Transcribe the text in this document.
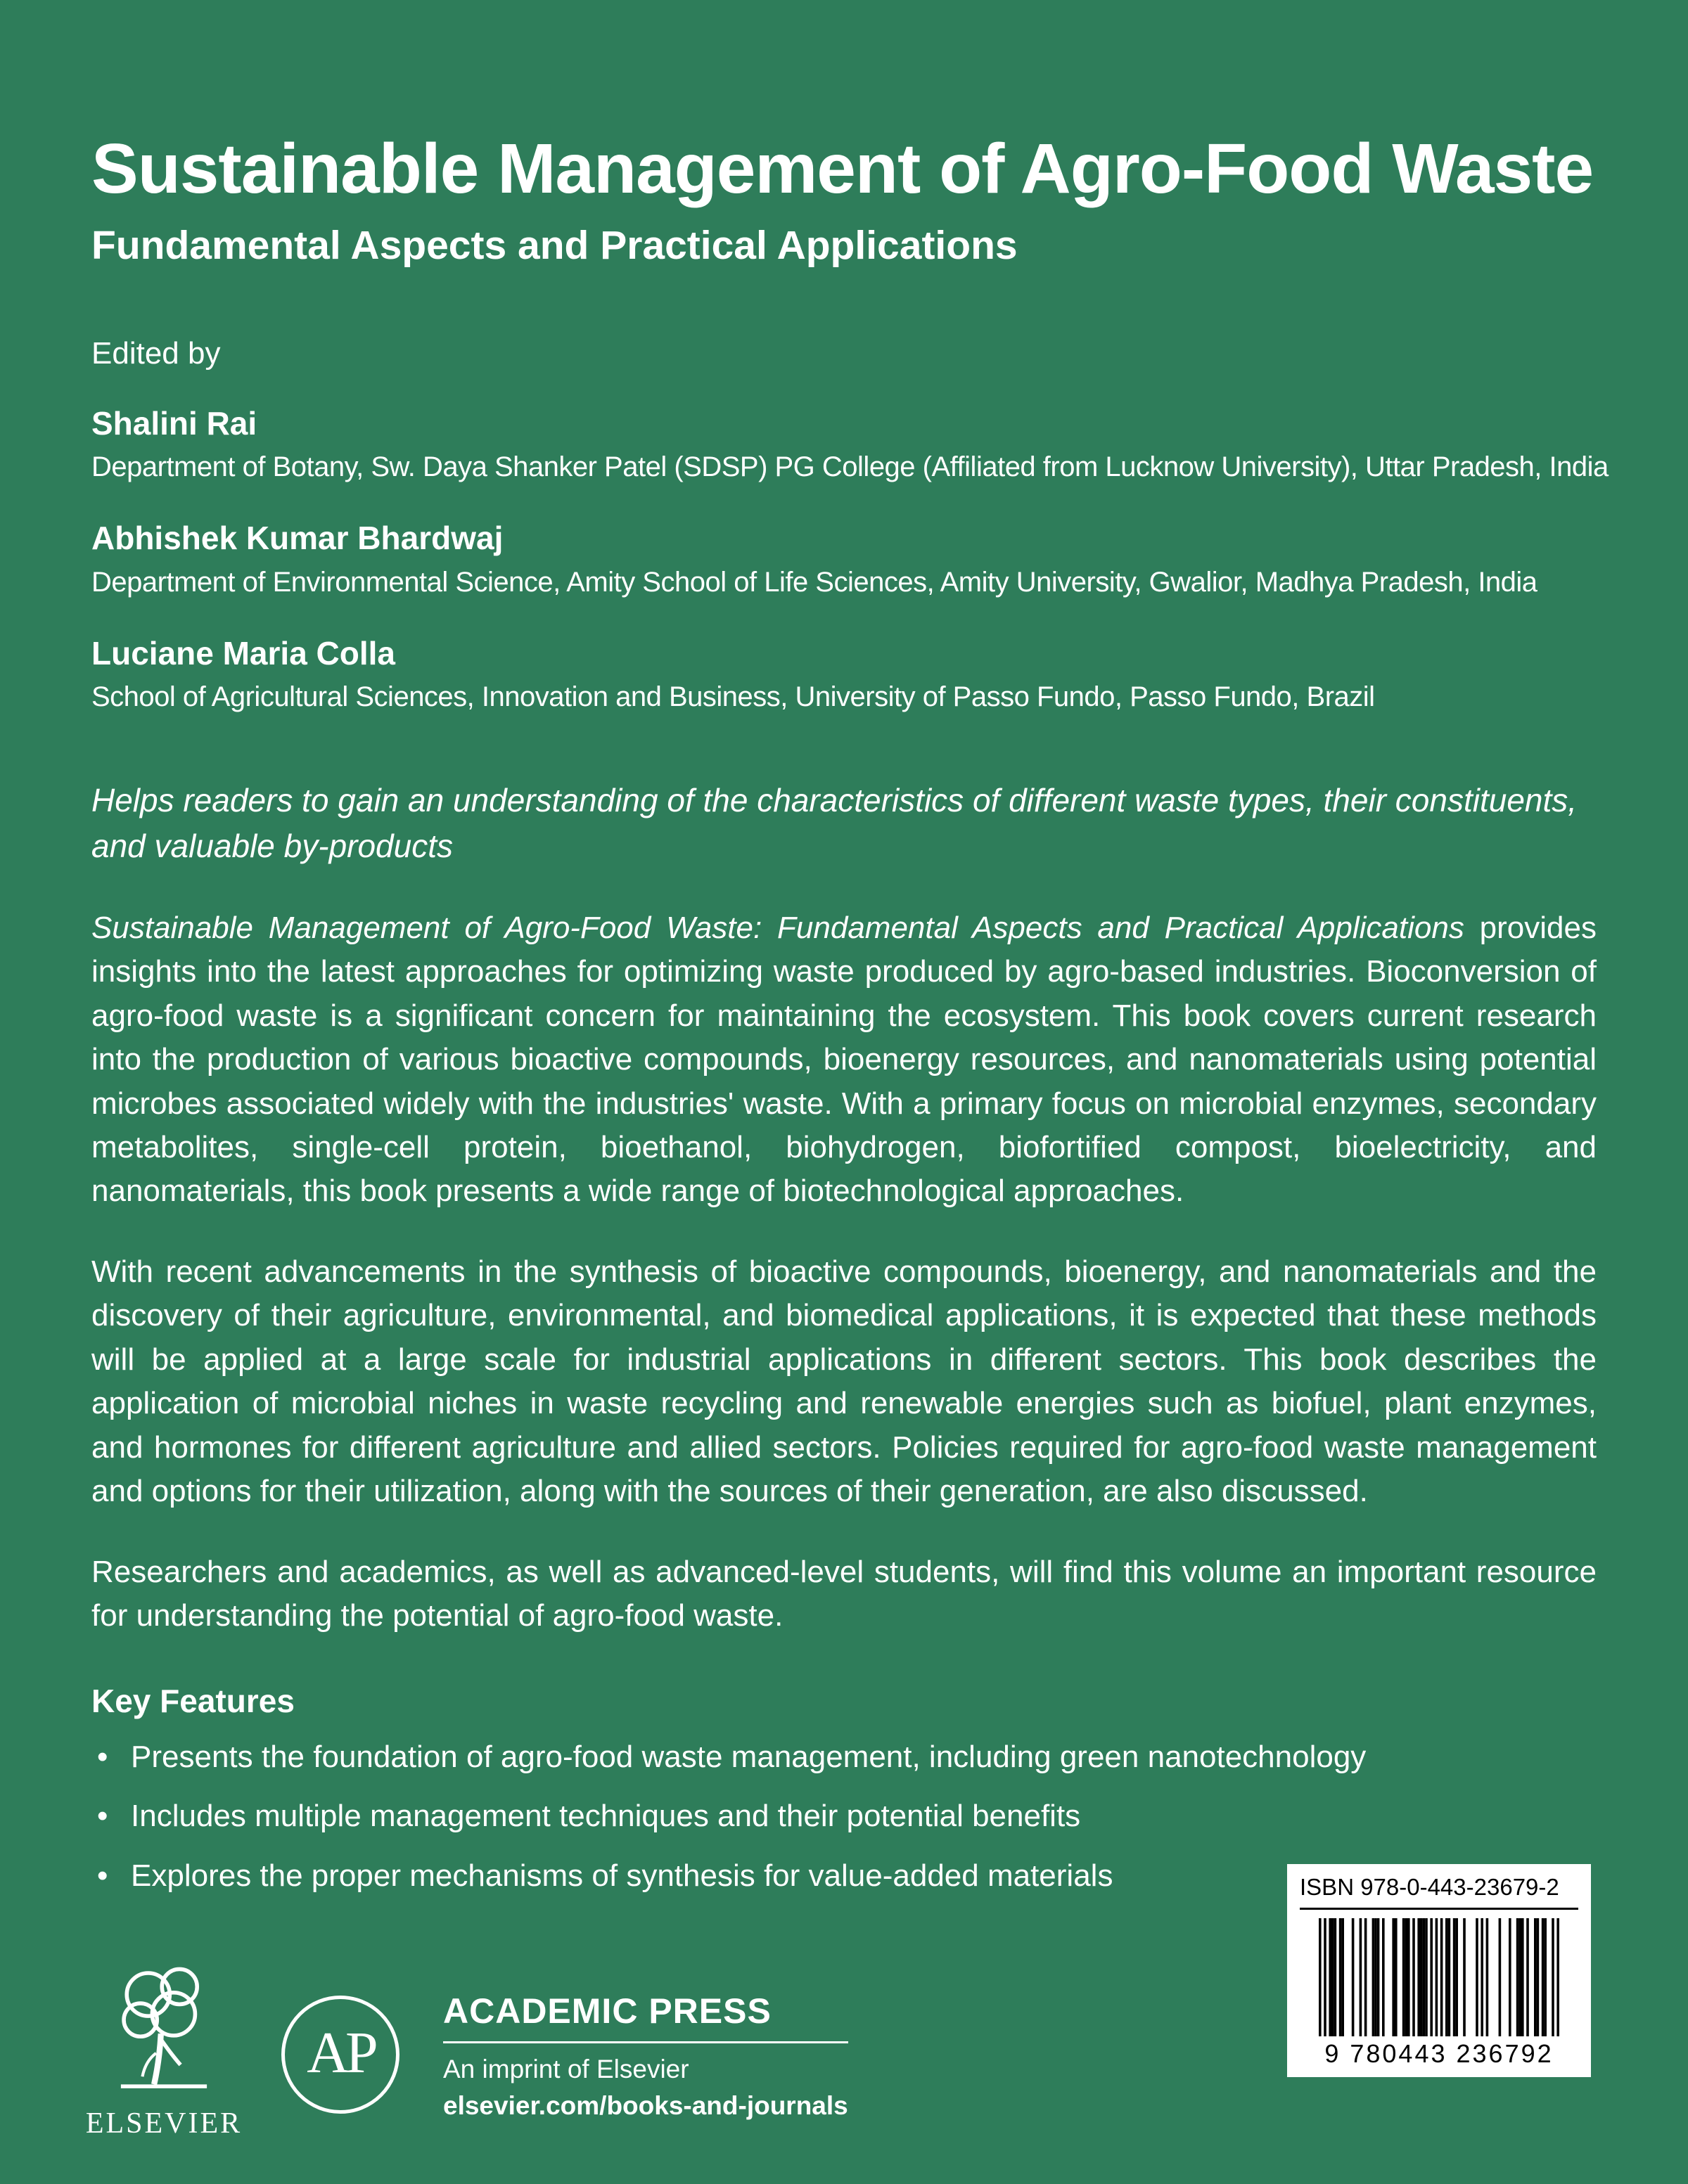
Sustainable Management of Agro-Food Waste
Fundamental Aspects and Practical Applications
Edited by
Shalini Rai
Department of Botany, Sw. Daya Shanker Patel (SDSP) PG College (Affiliated from Lucknow University), Uttar Pradesh, India
Abhishek Kumar Bhardwaj
Department of Environmental Science, Amity School of Life Sciences, Amity University, Gwalior, Madhya Pradesh, India
Luciane Maria Colla
School of Agricultural Sciences, Innovation and Business, University of Passo Fundo, Passo Fundo, Brazil
Helps readers to gain an understanding of the characteristics of different waste types, their constituents, and valuable by-products

Sustainable Management of Agro-Food Waste: Fundamental Aspects and Practical Applications provides insights into the latest approaches for optimizing waste produced by agro-based industries. Bioconversion of agro-food waste is a significant concern for maintaining the ecosystem. This book covers current research into the production of various bioactive compounds, bioenergy resources, and nanomaterials using potential microbes associated widely with the industries' waste. With a primary focus on microbial enzymes, secondary metabolites, single-cell protein, bioethanol, biohydrogen, biofortified compost, bioelectricity, and nanomaterials, this book presents a wide range of biotechnological approaches.

With recent advancements in the synthesis of bioactive compounds, bioenergy, and nanomaterials and the discovery of their agriculture, environmental, and biomedical applications, it is expected that these methods will be applied at a large scale for industrial applications in different sectors. This book describes the application of microbial niches in waste recycling and renewable energies such as biofuel, plant enzymes, and hormones for different agriculture and allied sectors. Policies required for agro-food waste management and options for their utilization, along with the sources of their generation, are also discussed.

Researchers and academics, as well as advanced-level students, will find this volume an important resource for understanding the potential of agro-food waste.

Key Features
• Presents the foundation of agro-food waste management, including green nanotechnology
• Includes multiple management techniques and their potential benefits
• Explores the proper mechanisms of synthesis for value-added materials
ELSEVIER
AP
ACADEMIC PRESS
An imprint of Elsevier
elsevier.com/books-and-journals
ISBN 978-0-443-23679-2
9 780443 236792
